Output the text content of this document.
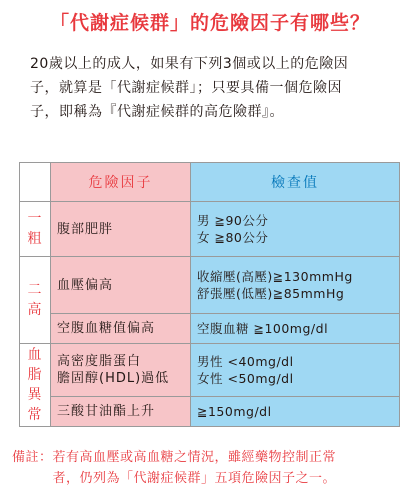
「代謝症候群」的危險因子有哪些？

20歲以上的成人，如果有下列3個或以上的危險因

子，就算是「代謝症候群」；只要具備一個危險因

子，即稱為『代謝症候群的高危險群』。

	危險因子	檢查值

一粗	腹部肥胖	男 ≧90公分
女 ≧80公分

二高	血壓偏高	收縮壓(高壓)≧130mmHg
舒張壓(低壓)≧85mmHg

	空腹血糖值偏高	空腹血糖 ≧100mg/dl

血脂
異常	高密度脂蛋白
膽固醇(HDL)過低	男性 <40mg/dl
女性 <50mg/dl

	三酸甘油酯上升	≧150mg/dl
備註： 若有高血壓或高血糖之情況，雖經藥物控制正常
者，仍列為「代謝症候群」五項危險因子之一。
